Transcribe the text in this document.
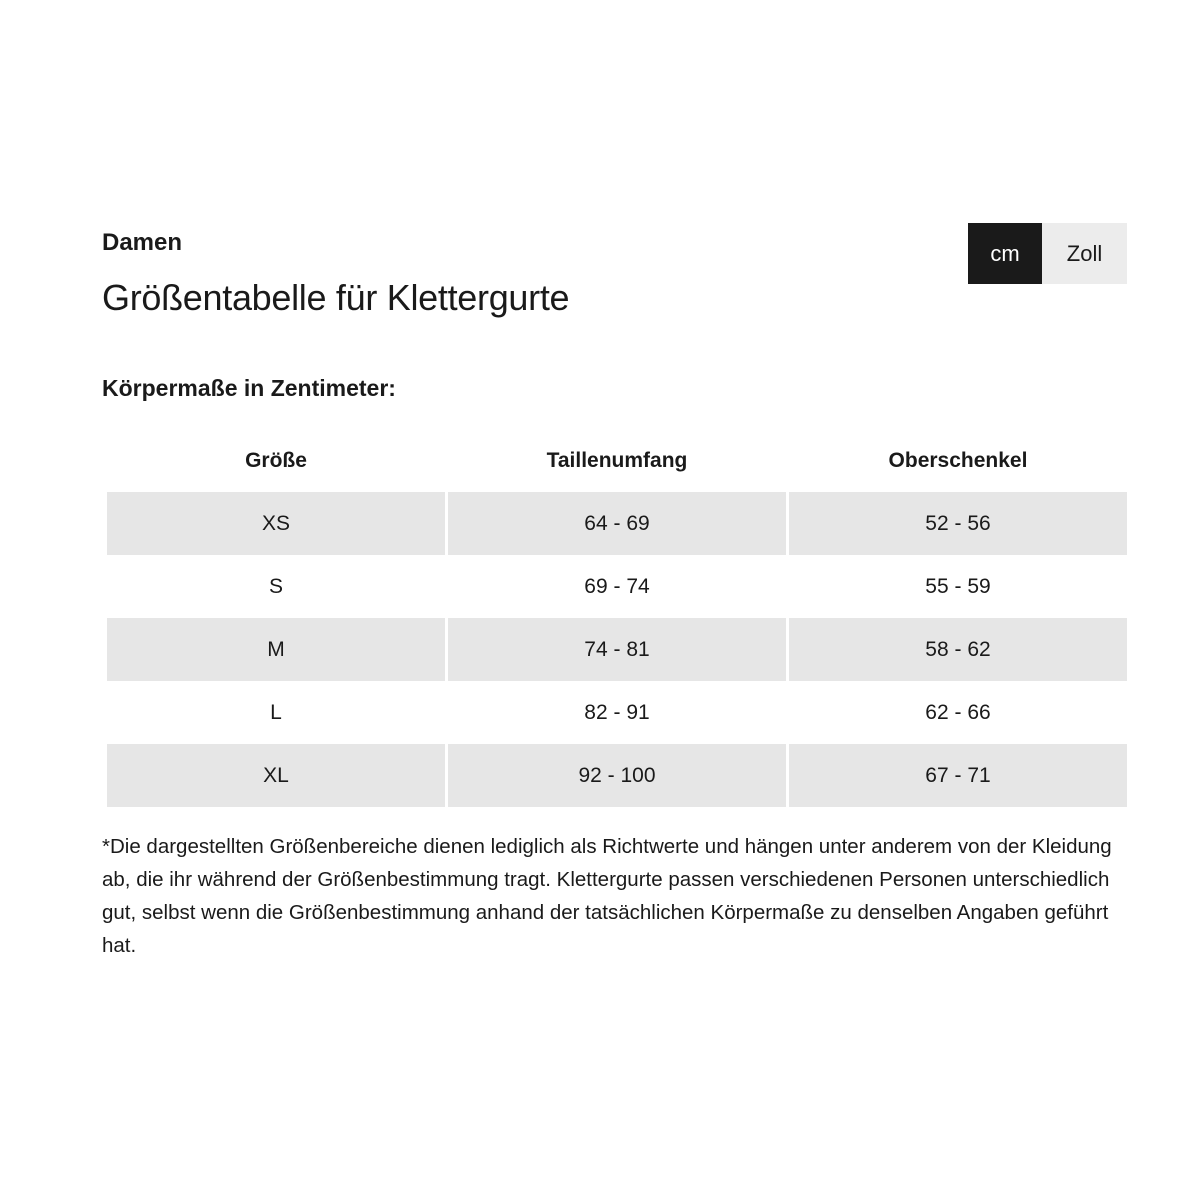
Damen
Größentabelle für Klettergurte
cm	Zoll
Körpermaße in Zentimeter:
Größe	Taillenumfang	Oberschenkel
XS	64 - 69	52 - 56
S	69 - 74	55 - 59
M	74 - 81	58 - 62
L	82 - 91	62 - 66
XL	92 - 100	67 - 71
*Die dargestellten Größenbereiche dienen lediglich als Richtwerte und hängen unter anderem von der Kleidung ab, die ihr während der Größenbestimmung tragt. Klettergurte passen verschiedenen Personen unterschiedlich gut, selbst wenn die Größenbestimmung anhand der tatsächlichen Körpermaße zu denselben Angaben geführt hat.
